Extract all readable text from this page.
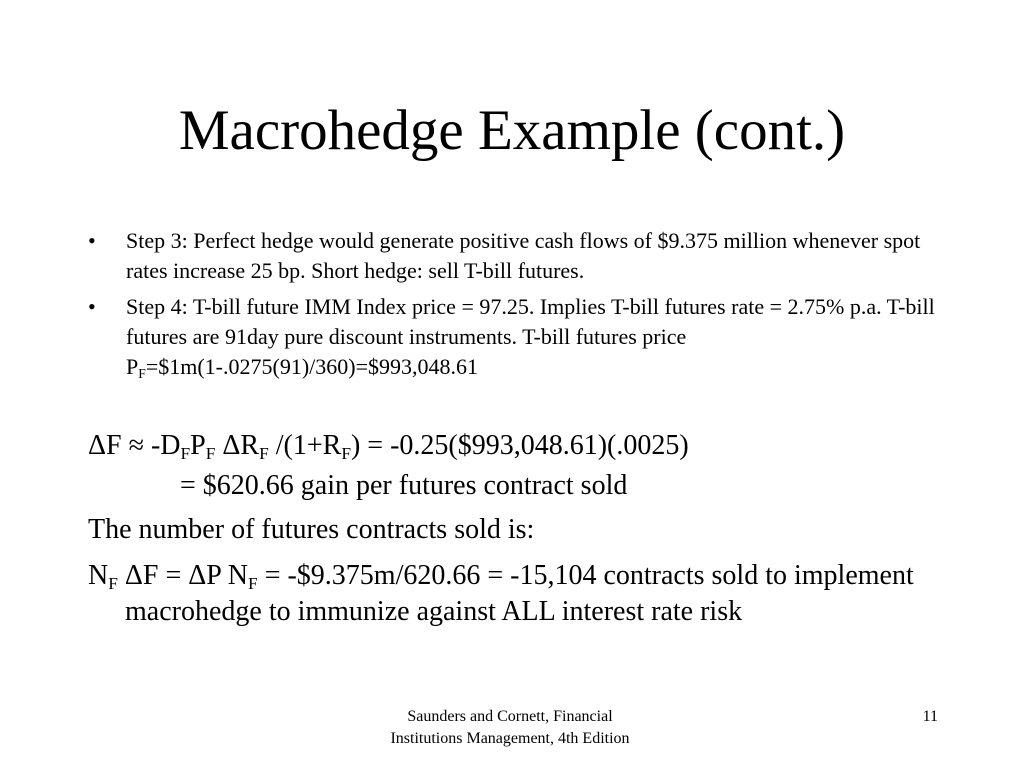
Macrohedge Example (cont.)
•	Step 3: Perfect hedge would generate positive cash flows of $9.375 million whenever spot rates increase 25 bp. Short hedge: sell T-bill futures.
•	Step 4: T-bill future IMM Index price = 97.25. Implies T-bill futures rate = 2.75% p.a. T-bill futures are 91day pure discount instruments. T-bill futures price $P_F=\$1m(1-.0275(91)/360)=\$993,048.61$
$\Delta F \approx -D_FP_F$ $\Delta R_F$ $/(1+R_F)$ = -0.25($993,048.61)(.0025)
= $620.66 gain per futures contract sold
The number of futures contracts sold is:
$N_F$ ΔF = ΔP $N_F$ = -$9.375m/620.66 = -15,104 contracts sold to implement macrohedge to immunize against ALL interest rate risk
Saunders and Cornett, Financial
Institutions Management, 4th Edition
11
